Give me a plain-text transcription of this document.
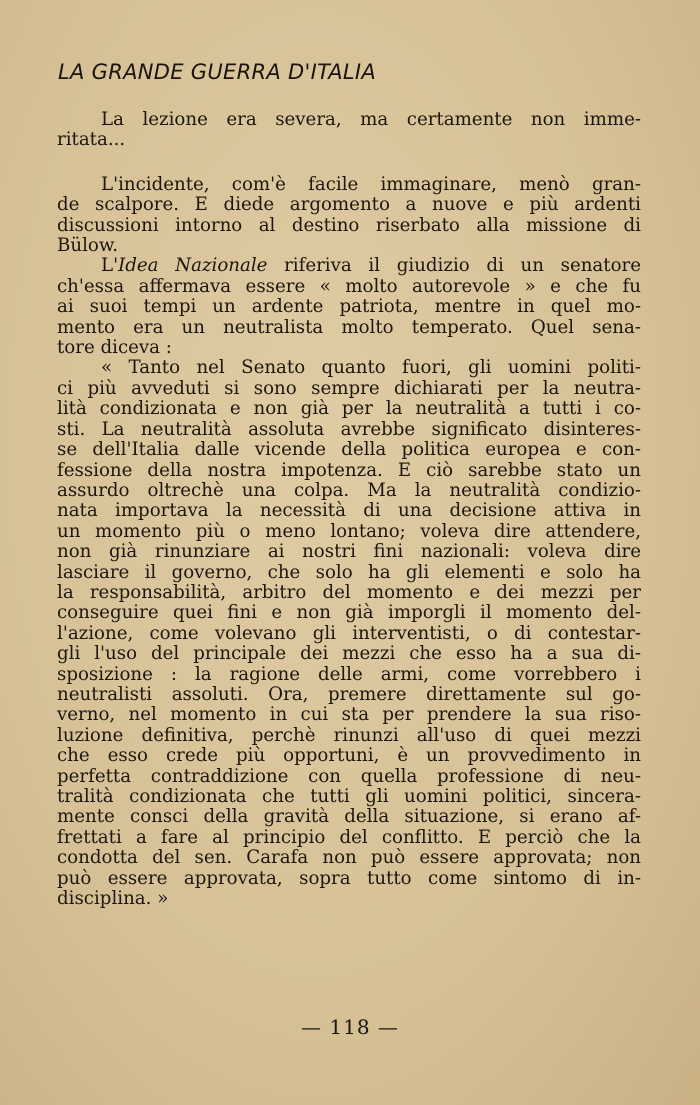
LA GRANDE GUERRA D'ITALIA
La lezione era severa, ma certamente non imme-
ritata...
L'incidente, com'è facile immaginare, menò gran-
de scalpore. E diede argomento a nuove e più ardenti
discussioni intorno al destino riserbato alla missione di
Bülow.
L'Idea Nazionale riferiva il giudizio di un senatore
ch'essa affermava essere « molto autorevole » e che fu
ai suoi tempi un ardente patriota, mentre in quel mo-
mento era un neutralista molto temperato. Quel sena-
tore diceva :
« Tanto nel Senato quanto fuori, gli uomini politi-
ci più avveduti si sono sempre dichiarati per la neutra-
lità condizionata e non già per la neutralità a tutti i co-
sti. La neutralità assoluta avrebbe significato disinteres-
se dell'Italia dalle vicende della politica europea e con-
fessione della nostra impotenza. E ciò sarebbe stato un
assurdo oltrechè una colpa. Ma la neutralità condizio-
nata importava la necessità di una decisione attiva in
un momento più o meno lontano; voleva dire attendere,
non già rinunziare ai nostri fini nazionali: voleva dire
lasciare il governo, che solo ha gli elementi e solo ha
la responsabilità, arbitro del momento e dei mezzi per
conseguire quei fini e non già imporgli il momento del-
l'azione, come volevano gli interventisti, o di contestar-
gli l'uso del principale dei mezzi che esso ha a sua di-
sposizione : la ragione delle armi, come vorrebbero i
neutralisti assoluti. Ora, premere direttamente sul go-
verno, nel momento in cui sta per prendere la sua riso-
luzione definitiva, perchè rinunzi all'uso di quei mezzi
che esso crede più opportuni, è un provvedimento in
perfetta contraddizione con quella professione di neu-
tralità condizionata che tutti gli uomini politici, sincera-
mente consci della gravità della situazione, si erano af-
frettati a fare al principio del conflitto. È perciò che la
condotta del sen. Carafa non può essere approvata; non
può essere approvata, sopra tutto come sintomo di in-
disciplina. »
— 118 —
